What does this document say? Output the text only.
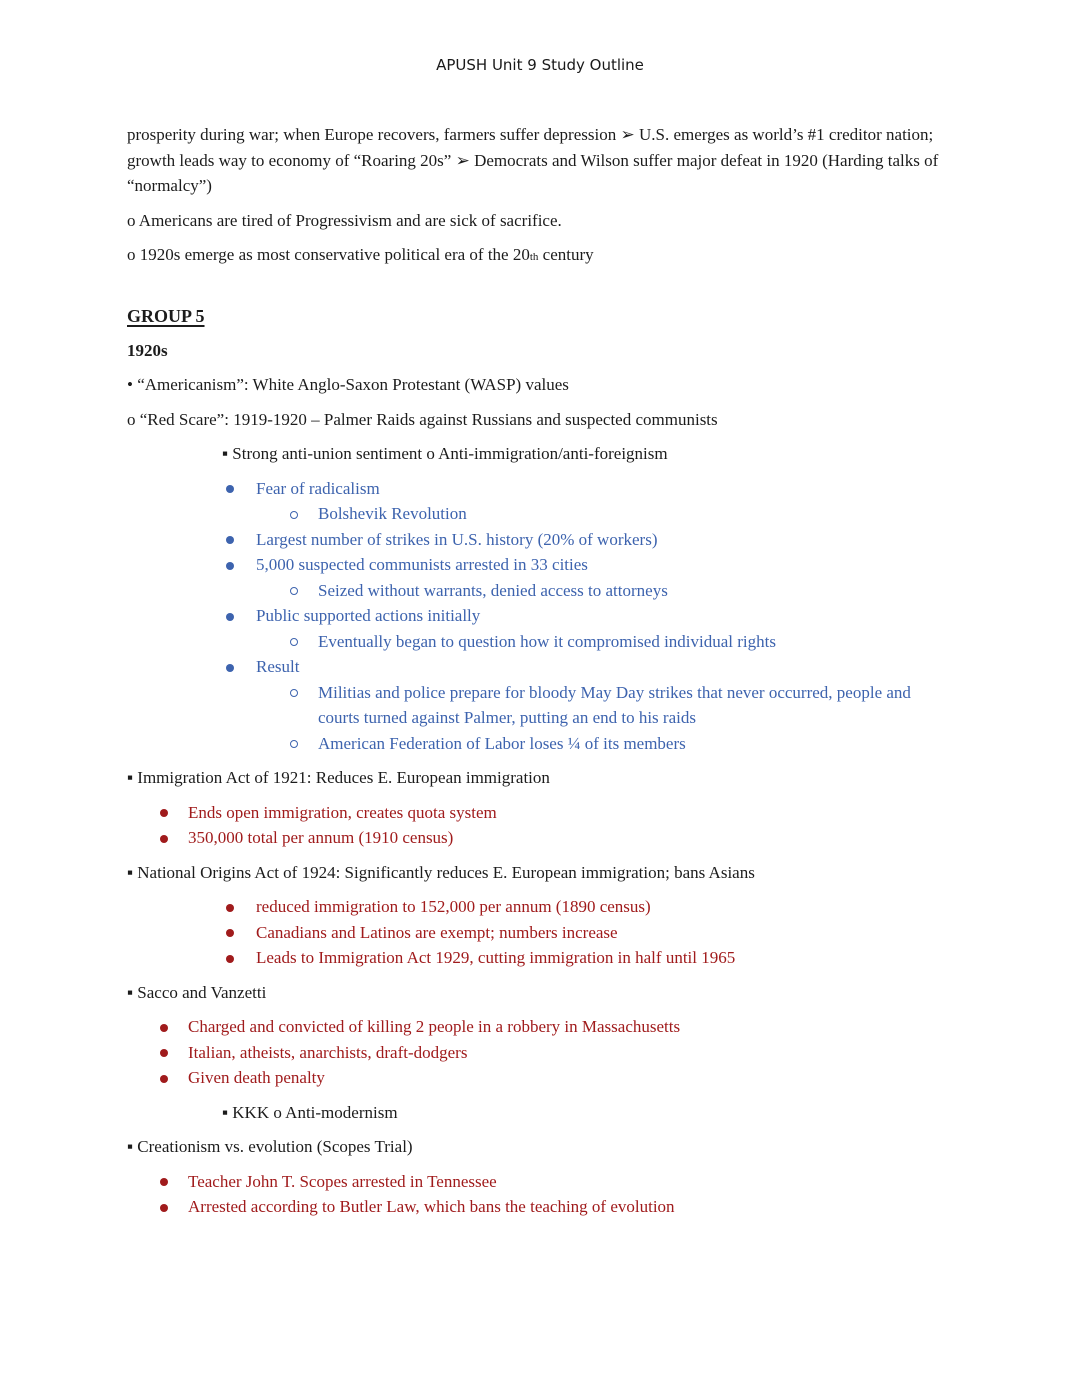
APUSH Unit 9 Study Outline

prosperity during war; when Europe recovers, farmers suffer depression ➢ U.S. emerges as world’s #1 creditor nation; growth leads way to economy of “Roaring 20s” ➢ Democrats and Wilson suffer major defeat in 1920 (Harding talks of “normalcy”)

o Americans are tired of Progressivism and are sick of sacrifice.

o 1920s emerge as most conservative political era of the 20th century

GROUP 5
1920s

• “Americanism”: White Anglo-Saxon Protestant (WASP) values

o “Red Scare”: 1919-1920 – Palmer Raids against Russians and suspected communists

▪ Strong anti-union sentiment o Anti-immigration/anti-foreignism

Fear of radicalism
Bolshevik Revolution
Largest number of strikes in U.S. history (20% of workers)
5,000 suspected communists arrested in 33 cities
Seized without warrants, denied access to attorneys
Public supported actions initially
Eventually began to question how it compromised individual rights
Result
Militias and police prepare for bloody May Day strikes that never occurred, people and courts turned against Palmer, putting an end to his raids
American Federation of Labor loses ¼ of its members

▪ Immigration Act of 1921: Reduces E. European immigration

Ends open immigration, creates quota system
350,000 total per annum (1910 census)

▪ National Origins Act of 1924: Significantly reduces E. European immigration; bans Asians

reduced immigration to 152,000 per annum (1890 census)
Canadians and Latinos are exempt; numbers increase
Leads to Immigration Act 1929, cutting immigration in half until 1965

▪ Sacco and Vanzetti

Charged and convicted of killing 2 people in a robbery in Massachusetts
Italian, atheists, anarchists, draft-dodgers
Given death penalty

▪ KKK o Anti-modernism

▪ Creationism vs. evolution (Scopes Trial)

Teacher John T. Scopes arrested in Tennessee
Arrested according to Butler Law, which bans the teaching of evolution
